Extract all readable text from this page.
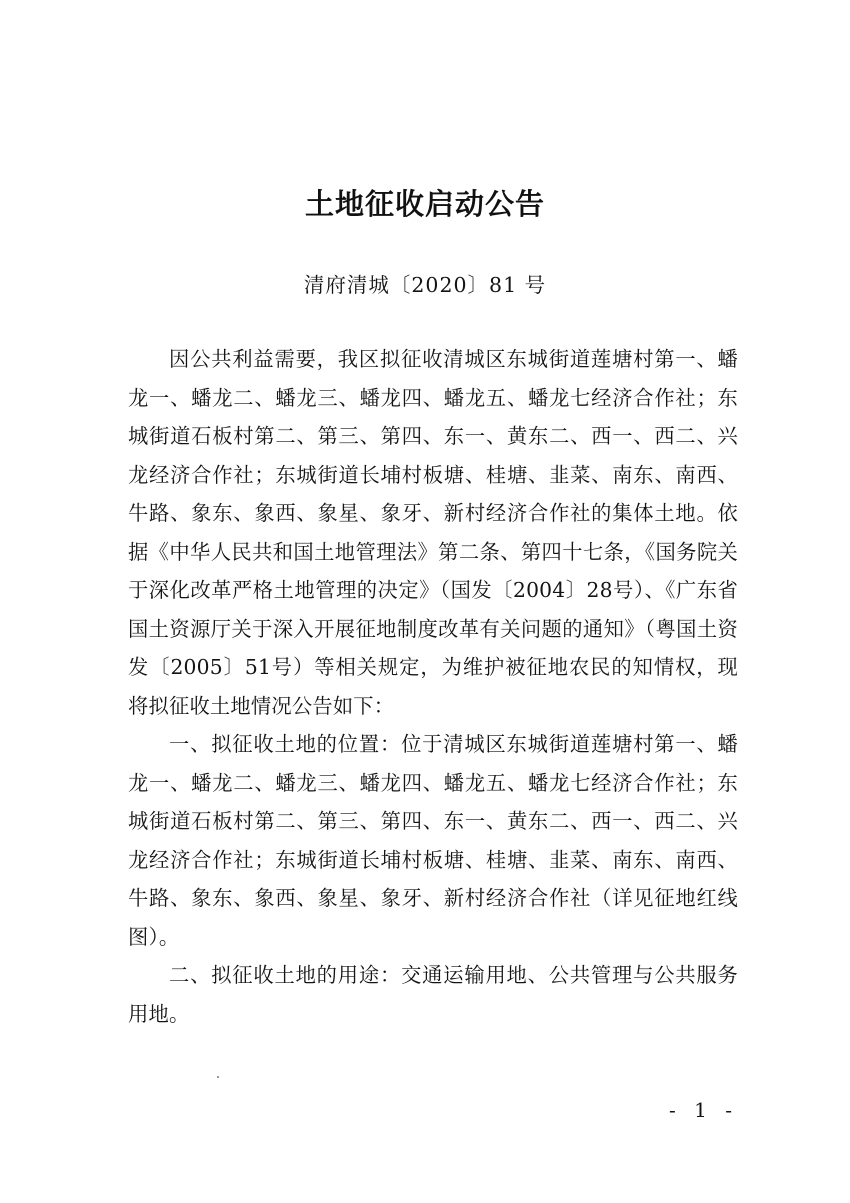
土地征收启动公告
清府清城〔2020〕81 号

因公共利益需要，我区拟征收清城区东城街道莲塘村第一、蟠龙一、蟠龙二、蟠龙三、蟠龙四、蟠龙五、蟠龙七经济合作社；东城街道石板村第二、第三、第四、东一、黄东二、西一、西二、兴龙经济合作社；东城街道长埔村板塘、桂塘、韭菜、南东、南西、牛路、象东、象西、象星、象牙、新村经济合作社的集体土地。依据《中华人民共和国土地管理法》第二条、第四十七条，《国务院关于深化改革严格土地管理的决定》（国发〔2004〕28号）、《广东省国土资源厅关于深入开展征地制度改革有关问题的通知》（粤国土资发〔2005〕51号）等相关规定，为维护被征地农民的知情权，现将拟征收土地情况公告如下：

一、拟征收土地的位置：位于清城区东城街道莲塘村第一、蟠龙一、蟠龙二、蟠龙三、蟠龙四、蟠龙五、蟠龙七经济合作社；东城街道石板村第二、第三、第四、东一、黄东二、西一、西二、兴龙经济合作社；东城街道长埔村板塘、桂塘、韭菜、南东、南西、牛路、象东、象西、象星、象牙、新村经济合作社（详见征地红线图）。

二、拟征收土地的用途：交通运输用地、公共管理与公共服务用地。

- 1 -
